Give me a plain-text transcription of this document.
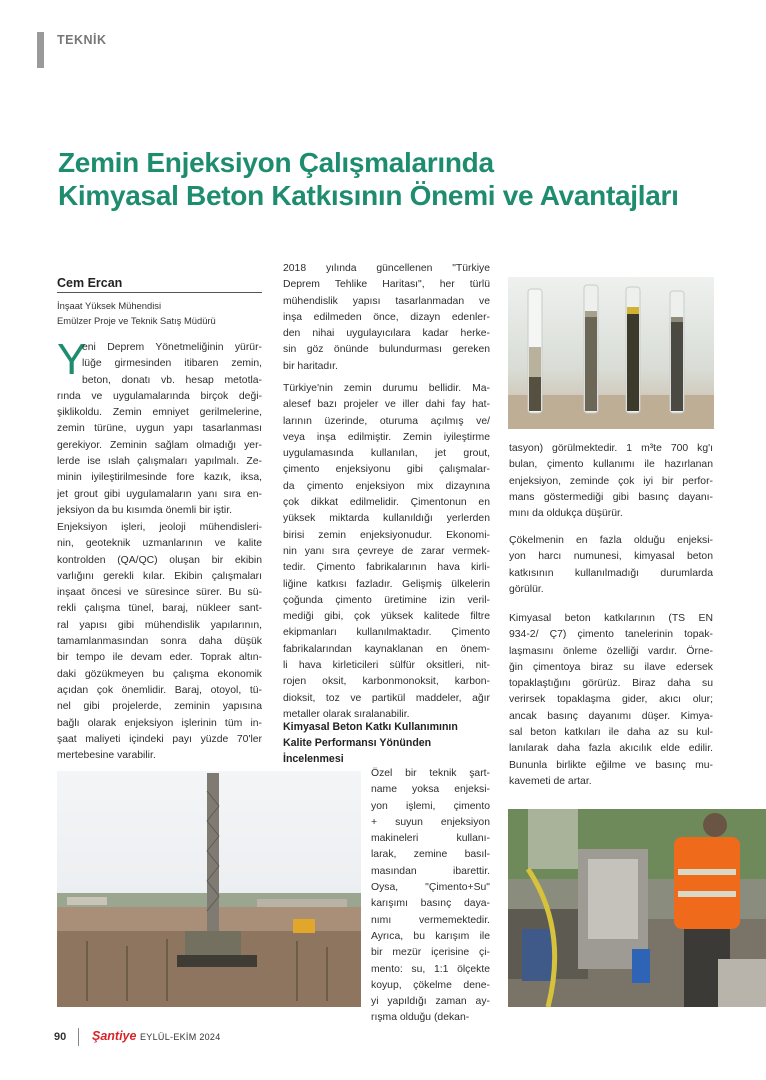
TEKNİK
Zemin Enjeksiyon Çalışmalarında
Kimyasal Beton Katkısının Önemi ve Avantajları
Cem Ercan
İnşaat Yüksek Mühendisi
Emülzer Proje ve Teknik Satış Müdürü
Y
eni Deprem Yönetmeliğinin yürür-
lüğe girmesinden itibaren zemin,
beton, donatı vb. hesap metotla-
rında ve uygulamalarında birçok deği-
şiklikoldu. Zemin emniyet gerilmelerine,
zemin türüne, uygun yapı tasarlanması
gerekiyor. Zeminin sağlam olmadığı yer-
lerde ise ıslah çalışmaları yapılmalı. Ze-
minin iyileştirilmesinde fore kazık, iksa,
jet grout gibi uygulamaların yanı sıra en-
jeksiyon da bu kısımda önemli bir iştir.
Enjeksiyon işleri, jeoloji mühendisleri-
nin, geoteknik uzmanlarının ve kalite
kontrolden (QA/QC) oluşan bir ekibin
varlığını gerekli kılar. Ekibin çalışmaları
inşaat öncesi ve süresince sürer. Bu sü-
rekli çalışma tünel, baraj, nükleer sant-
ral yapısı gibi mühendislik yapılarının,
tamamlanmasından sonra daha düşük
bir tempo ile devam eder. Toprak altın-
daki gözükmeyen bu çalışma ekonomik
açıdan çok önemlidir. Baraj, otoyol, tü-
nel gibi projelerde, zeminin yapısına
bağlı olarak enjeksiyon işlerinin tüm in-
şaat maliyeti içindeki payı yüzde 70'ler
mertebesine varabilir.
2018 yılında güncellenen "Türkiye
Deprem Tehlike Haritası", her türlü
mühendislik yapısı tasarlanmadan ve
inşa edilmeden önce, dizayn edenler-
den nihai uygulayıcılara kadar herke-
sin göz önünde bulundurması gereken
bir haritadır.
Türkiye'nin zemin durumu bellidir. Ma-
alesef bazı projeler ve iller dahi fay hat-
larının üzerinde, oturuma açılmış ve/
veya inşa edilmiştir. Zemin iyileştirme
uygulamasında kullanılan, jet grout,
çimento enjeksiyonu gibi çalışmalar-
da çimento enjeksiyon mix dizaynına
çok dikkat edilmelidir. Çimentonun en
yüksek miktarda kullanıldığı yerlerden
birisi zemin enjeksiyonudur. Ekonomi-
nin yanı sıra çevreye de zarar vermek-
tedir. Çimento fabrikalarının hava kirli-
liğine katkısı fazladır. Gelişmiş ülkelerin
çoğunda çimento üretimine izin veril-
mediği gibi, çok yüksek kalitede filtre
ekipmanları kullanılmaktadır. Çimento
fabrikalarından kaynaklanan en önem-
li hava kirleticileri sülfür oksitleri, nit-
rojen oksit, karbonmonoksit, karbon-
dioksit, toz ve partikül maddeler, ağır
metaller olarak sıralanabilir.
Kimyasal Beton Katkı Kullanımının
Kalite Performansı Yönünden
İncelenmesi
Özel bir teknik şart-
name yoksa enjeksi-
yon işlemi, çimento
+ suyun enjeksiyon
makineleri kullanı-
larak, zemine basıl-
masından ibarettir.
Oysa, "Çimento+Su"
karışımı basınç daya-
nımı vermemektedir.
Ayrıca, bu karışım ile
bir mezür içerisine çi-
mento: su, 1:1 ölçekte
koyup, çökelme dene-
yi yapıldığı zaman ay-
rışma olduğu (dekan-
tasyon) görülmektedir. 1 m³te 700 kg'ı
bulan, çimento kullanımı ile hazırlanan
enjeksiyon, zeminde çok iyi bir perfor-
mans göstermediği gibi basınç dayanı-
mını da oldukça düşürür.
Çökelmenin en fazla olduğu enjeksi-
yon harcı numunesi, kimyasal beton
katkısının kullanılmadığı durumlarda
görülür.
Kimyasal beton katkılarının (TS EN
934-2/ Ç7) çimento tanelerinin topak-
laşmasını önleme özelliği vardır. Örne-
ğin çimentoya biraz su ilave edersek
topaklaştığını görürüz. Biraz daha su
verirsek topaklaşma gider, akıcı olur;
ancak basınç dayanımı düşer. Kimya-
sal beton katkıları ile daha az su kul-
lanılarak daha fazla akıcılık elde edilir.
Bununla birlikte eğilme ve basınç mu-
kavemeti de artar.
90 Şantiye EYLÜL-EKİM 2024
